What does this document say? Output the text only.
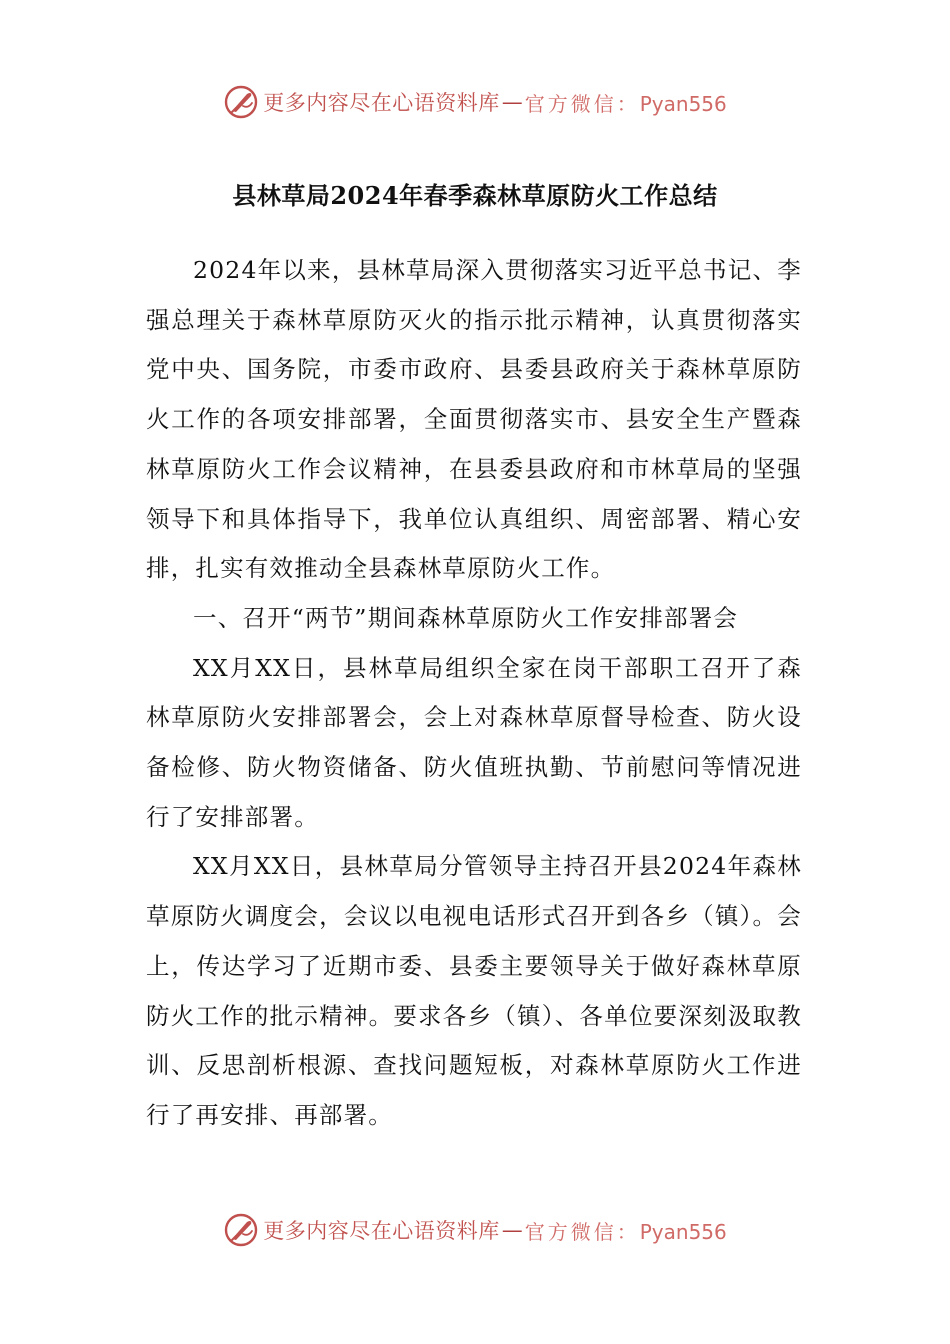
更多内容尽在心语资料库 — 官方微信：Pyan556
县林草局2024年春季森林草原防火工作总结

2024年以来，县林草局深入贯彻落实习近平总书记、李强总理关于森林草原防灭火的指示批示精神，认真贯彻落实党中央、国务院，市委市政府、县委县政府关于森林草原防火工作的各项安排部署，全面贯彻落实市、县安全生产暨森林草原防火工作会议精神，在县委县政府和市林草局的坚强领导下和具体指导下，我单位认真组织、周密部署、精心安排，扎实有效推动全县森林草原防火工作。

一、召开“两节”期间森林草原防火工作安排部署会

XX月XX日，县林草局组织全家在岗干部职工召开了森林草原防火安排部署会，会上对森林草原督导检查、防火设备检修、防火物资储备、防火值班执勤、节前慰问等情况进行了安排部署。

XX月XX日，县林草局分管领导主持召开县2024年森林草原防火调度会，会议以电视电话形式召开到各乡（镇）。会上，传达学习了近期市委、县委主要领导关于做好森林草原防火工作的批示精神。要求各乡（镇）、各单位要深刻汲取教训、反思剖析根源、查找问题短板，对森林草原防火工作进行了再安排、再部署。

更多内容尽在心语资料库 — 官方微信：Pyan556
